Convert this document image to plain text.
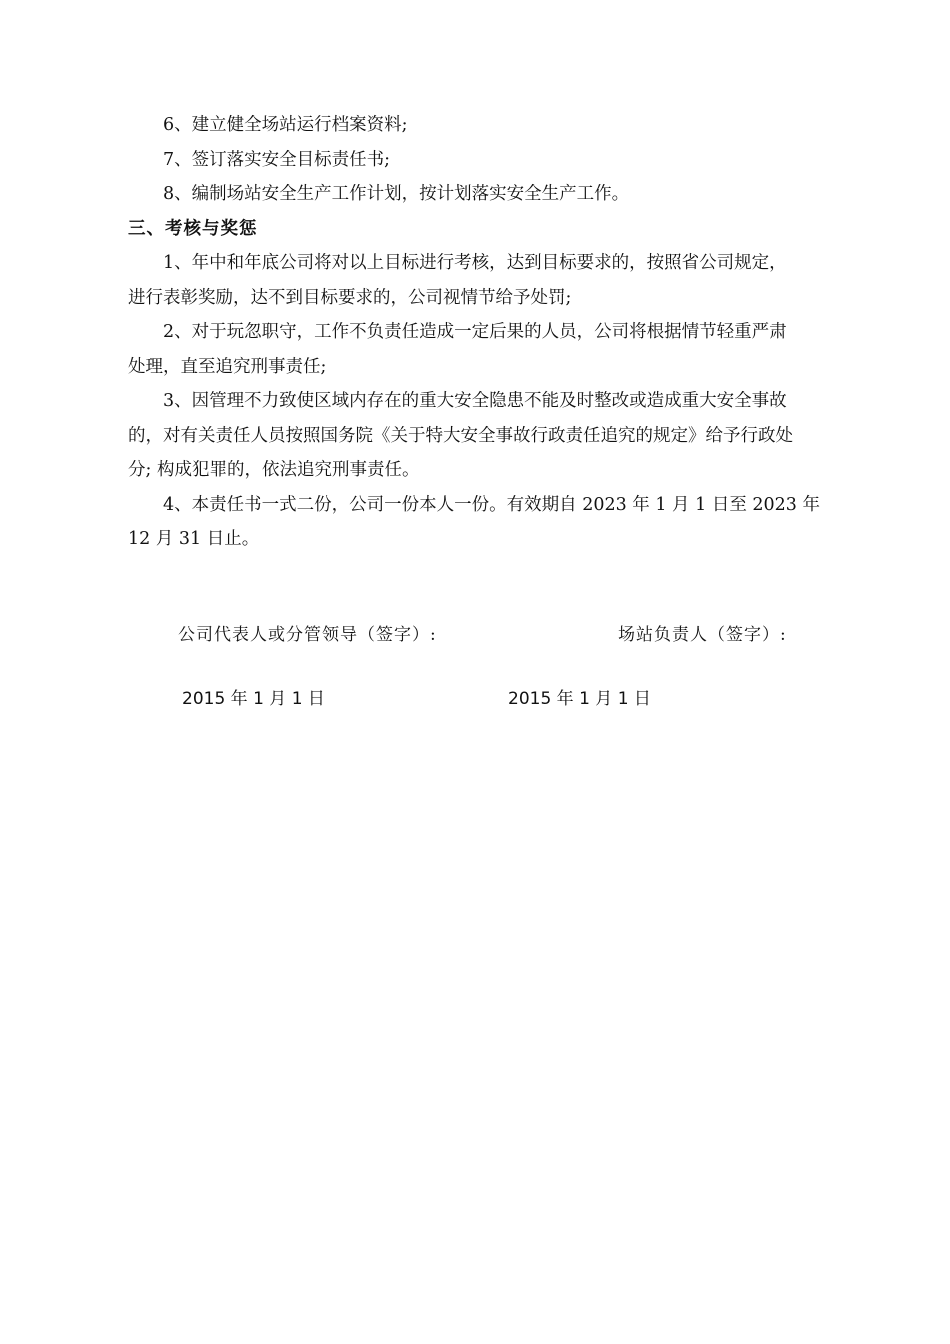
6、建立健全场站运行档案资料;

7、签订落实安全目标责任书;

8、编制场站安全生产工作计划，按计划落实安全生产工作。

三、考核与奖惩

1、年中和年底公司将对以上目标进行考核，达到目标要求的，按照省公司规定，

进行表彰奖励，达不到目标要求的，公司视情节给予处罚;

2、对于玩忽职守，工作不负责任造成一定后果的人员，公司将根据情节轻重严肃

处理，直至追究刑事责任;

3、因管理不力致使区域内存在的重大安全隐患不能及时整改或造成重大安全事故

的，对有关责任人员按照国务院《关于特大安全事故行政责任追究的规定》给予行政处

分; 构成犯罪的，依法追究刑事责任。

4、本责任书一式二份，公司一份本人一份。有效期自 2023 年 1 月 1 日至 2023 年

12 月 31 日止。

公司代表人或分管领导（签字）:	场站负责人（签字）:
2015 年 1 月 1 日	2015 年 1 月 1 日
